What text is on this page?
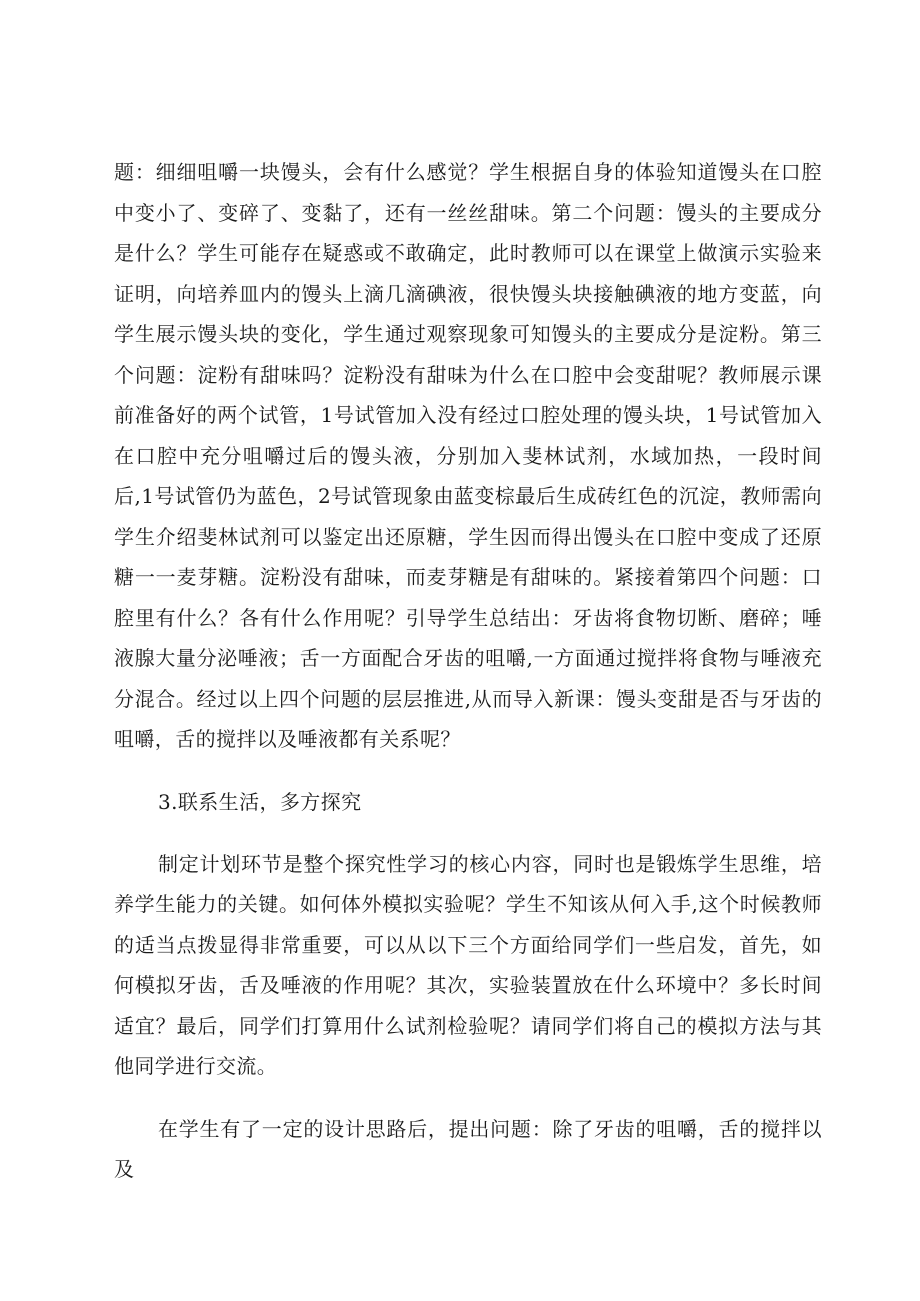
题：细细咀嚼一块馒头，会有什么感觉？学生根据自身的体验知道馒头在口腔中变小了、变碎了、变黏了，还有一丝丝甜味。第二个问题：馒头的主要成分是什么？学生可能存在疑惑或不敢确定，此时教师可以在课堂上做演示实验来证明，向培养皿内的馒头上滴几滴碘液，很快馒头块接触碘液的地方变蓝，向学生展示馒头块的变化，学生通过观察现象可知馒头的主要成分是淀粉。第三个问题：淀粉有甜味吗？淀粉没有甜味为什么在口腔中会变甜呢？教师展示课前准备好的两个试管，1号试管加入没有经过口腔处理的馒头块，1号试管加入在口腔中充分咀嚼过后的馒头液，分别加入斐林试剂，水域加热，一段时间后,1号试管仍为蓝色，2号试管现象由蓝变棕最后生成砖红色的沉淀，教师需向学生介绍斐林试剂可以鉴定出还原糖，学生因而得出馒头在口腔中变成了还原糖一一麦芽糖。淀粉没有甜味，而麦芽糖是有甜味的。紧接着第四个问题：口腔里有什么？各有什么作用呢？引导学生总结出：牙齿将食物切断、磨碎；唾液腺大量分泌唾液；舌一方面配合牙齿的咀嚼,一方面通过搅拌将食物与唾液充分混合。经过以上四个问题的层层推进,从而导入新课：馒头变甜是否与牙齿的咀嚼，舌的搅拌以及唾液都有关系呢？

3.联系生活，多方探究

制定计划环节是整个探究性学习的核心内容，同时也是锻炼学生思维，培养学生能力的关键。如何体外模拟实验呢？学生不知该从何入手,这个时候教师的适当点拨显得非常重要，可以从以下三个方面给同学们一些启发，首先，如何模拟牙齿，舌及唾液的作用呢？其次，实验装置放在什么环境中？多长时间适宜？最后，同学们打算用什么试剂检验呢？请同学们将自己的模拟方法与其他同学进行交流。

在学生有了一定的设计思路后，提出问题：除了牙齿的咀嚼，舌的搅拌以及
